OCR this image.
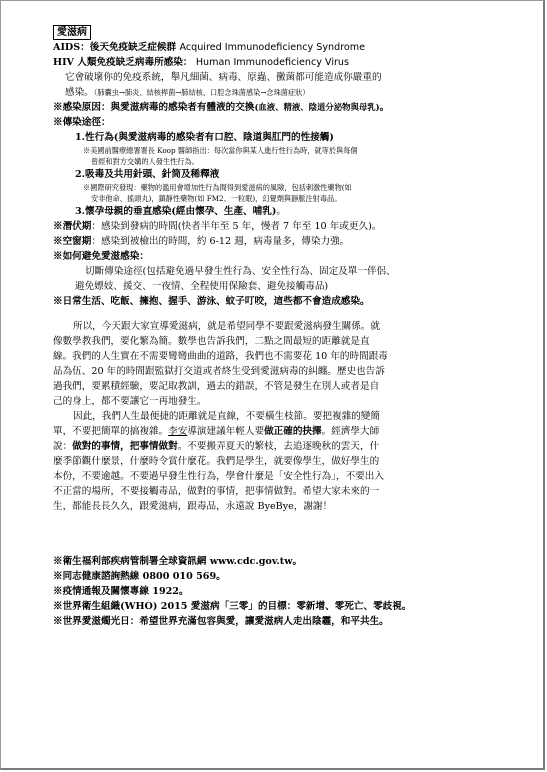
愛滋病
AIDS：後天免疫缺乏症候群 Acquired Immunodeficiency Syndrome
HIV 人類免疫缺乏病毒所感染： Human Immunodeficiency Virus
它會破壞你的免疫系統，舉凡細菌、病毒、原蟲、黴菌都可能造成你嚴重的
感染。（肺囊虫→肺炎、結核桿菌→肺結核、口腔念珠菌感染→念珠菌症狀）
※感染原因：與愛滋病毒的感染者有體液的交換(血液、精液、陰道分泌物與母乳)。
※傳染途徑：
1.性行為(與愛滋病毒的感染者有口腔、陰道與肛門的性接觸)
※美國前醫療總署署長 Koop 醫師指出：每次當你與某人進行性行為時，就等於與每個
曾經和對方交媾的人發生性行為。
2.吸毒及共用針頭、針筒及稀釋液
※國際研究發現：藥物的濫用會增加性行為間得到愛滋病的風險，包括刺激性藥物(如
安非他命、搖頭丸)，鎮靜性藥物(如 FM2、一粒眠)，幻覺劑與靜脈注射毒品。
3.懷孕母親的垂直感染(經由懷孕、生產、哺乳)。
※潛伏期：感染到發病的時間(快者半年至 5 年，慢者 7 年至 10 年或更久)。
※空窗期：感染到被檢出的時間，約 6-12 週，病毒量多，傳染力強。
※如何避免愛滋感染：
切斷傳染途徑(包括避免過早發生性行為、安全性行為、固定及單一伴侶、
避免嫖妓、援交、一夜情、全程使用保險套、避免接觸毒品)
※日常生活、吃飯、擁抱、握手、游泳、蚊子叮咬，這些都不會造成感染。
所以，今天跟大家宣導愛滋病，就是希望同學不要跟愛滋病發生關係。就
像數學教我們，要化繁為簡。數學也告訴我們，二點之間最短的距離就是直
線。我們的人生實在不需要彎彎曲曲的道路，我們也不需要花 10 年的時間跟毒
品為伍、20 年的時間跟監獄打交道或者終生受到愛滋病毒的糾纏。歷史也告訴
過我們，要累積經驗，要記取教訓，過去的錯誤，不管是發生在別人或者是自
己的身上，都不要讓它一再地發生。
因此，我們人生最便捷的距離就是直線，不要橫生枝節。要把複雜的變簡
單，不要把簡單的搞複雜。李安導演建議年輕人要做正確的抉擇。經濟學大師
說：做對的事情，把事情做對。不要搬弄夏天的繁枝，去追逐晚秋的雲天，什
麼季節觀什麼景，什麼時令賞什麼花。我們是學生，就要像學生，做好學生的
本份，不要逾越。不要過早發生性行為，學會什麼是「安全性行為」，不要出入
不正當的場所，不要接觸毒品，做對的事情，把事情做對。希望大家未來的一
生，都能長長久久，跟愛滋病，跟毒品，永遠說 ByeBye，謝謝！
※衛生福利部疾病管制署全球資訊網 www.cdc.gov.tw。
※同志健康諮詢熱線 0800 010 569。
※疫情通報及關懷專線 1922。
※世界衛生組織(WHO) 2015 愛滋病「三零」的目標：零新增、零死亡、零歧視。
※世界愛滋燭光日：希望世界充滿包容與愛，讓愛滋病人走出陰霾，和平共生。
